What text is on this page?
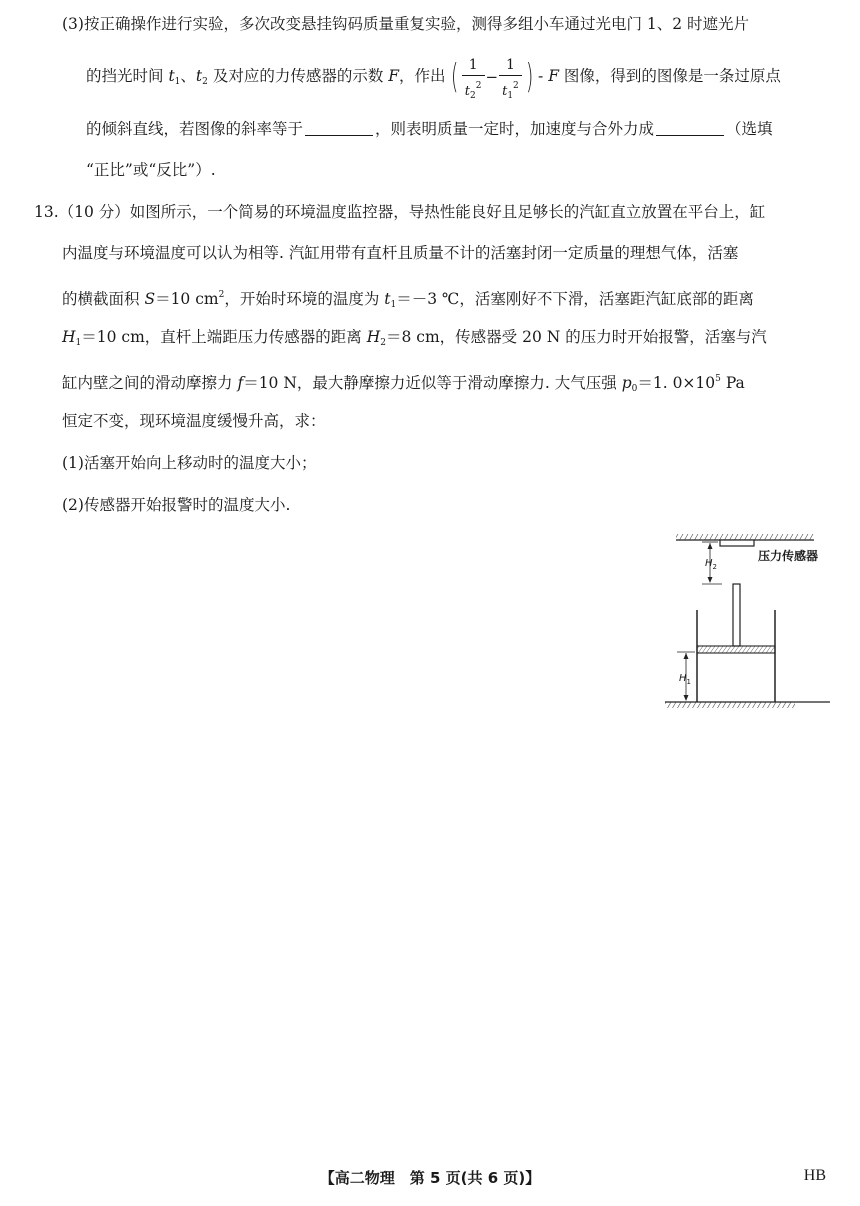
(3)按正确操作进行实验，多次改变悬挂钩码质量重复实验，测得多组小车通过光电门 1、2 时遮光片
的挡光时间 $t_1$、$t_2$ 及对应的力传感器的示数 F，作出 ( $\frac{1}{t_2^2} - \frac{1}{t_1^2}$ ) - F 图像，得到的图像是一条过原点
的倾斜直线，若图像的斜率等于	，则表明质量一定时，加速度与合外力成	（选填
“正比”或“反比”）.
13.（10 分）如图所示，一个简易的环境温度监控器，导热性能良好且足够长的汽缸直立放置在平台上，缸
内温度与环境温度可以认为相等. 汽缸用带有直杆且质量不计的活塞封闭一定质量的理想气体，活塞
的横截面积 S＝10 $cm^2$，开始时环境的温度为 $t_1=-3$ ℃，活塞刚好不下滑，活塞距汽缸底部的距离
$H_1=10$ cm，直杆上端距压力传感器的距离 $H_2=8$ cm，传感器受 20 N 的压力时开始报警，活塞与汽
缸内壁之间的滑动摩擦力 f＝10 N，最大静摩擦力近似等于滑动摩擦力. 大气压强 $p_0=1$. $0\times 10^5$ Pa
恒定不变，现环境温度缓慢升高，求：
(1)活塞开始向上移动时的温度大小；
(2)传感器开始报警时的温度大小.
压力传感器
$H_2$
$H_1$
【高二物理　第 5 页(共 6 页)】	HB
